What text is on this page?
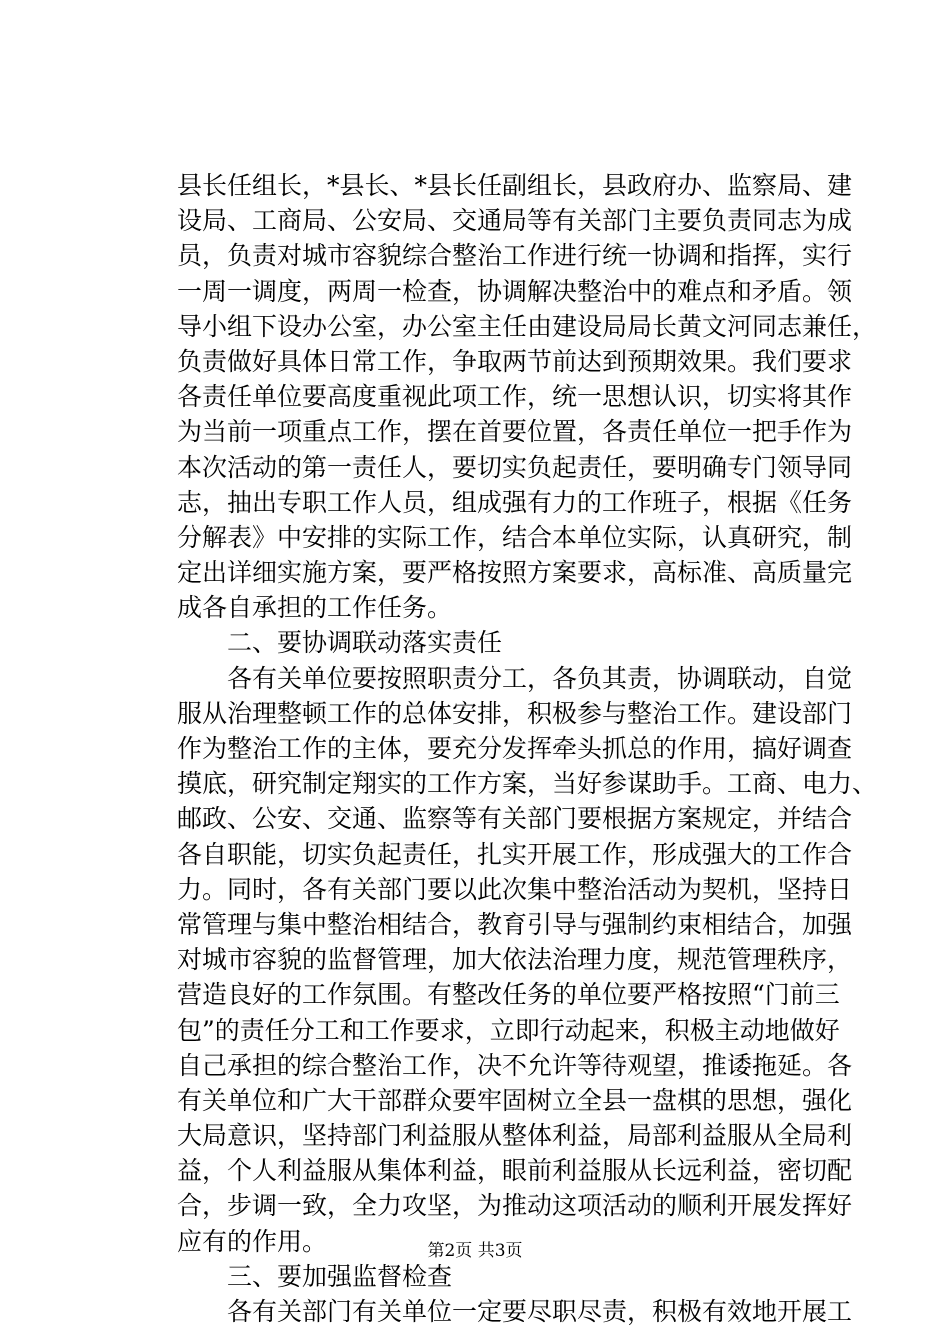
县长任组长，*县长、*县长任副组长，县政府办、监察局、建
设局、工商局、公安局、交通局等有关部门主要负责同志为成
员，负责对城市容貌综合整治工作进行统一协调和指挥，实行
一周一调度，两周一检查，协调解决整治中的难点和矛盾。领
导小组下设办公室，办公室主任由建设局局长黄文河同志兼任，
负责做好具体日常工作，争取两节前达到预期效果。我们要求
各责任单位要高度重视此项工作，统一思想认识，切实将其作
为当前一项重点工作，摆在首要位置，各责任单位一把手作为
本次活动的第一责任人，要切实负起责任，要明确专门领导同
志，抽出专职工作人员，组成强有力的工作班子，根据《任务
分解表》中安排的实际工作，结合本单位实际，认真研究，制
定出详细实施方案，要严格按照方案要求，高标准、高质量完
成各自承担的工作任务。
　　二、要协调联动落实责任
　　各有关单位要按照职责分工，各负其责，协调联动，自觉
服从治理整顿工作的总体安排，积极参与整治工作。建设部门
作为整治工作的主体，要充分发挥牵头抓总的作用，搞好调查
摸底，研究制定翔实的工作方案，当好参谋助手。工商、电力、
邮政、公安、交通、监察等有关部门要根据方案规定，并结合
各自职能，切实负起责任，扎实开展工作，形成强大的工作合
力。同时，各有关部门要以此次集中整治活动为契机，坚持日
常管理与集中整治相结合，教育引导与强制约束相结合，加强
对城市容貌的监督管理，加大依法治理力度，规范管理秩序，
营造良好的工作氛围。有整改任务的单位要严格按照“门前三
包”的责任分工和工作要求，立即行动起来，积极主动地做好
自己承担的综合整治工作，决不允许等待观望，推诿拖延。各
有关单位和广大干部群众要牢固树立全县一盘棋的思想，强化
大局意识，坚持部门利益服从整体利益，局部利益服从全局利
益，个人利益服从集体利益，眼前利益服从长远利益，密切配
合，步调一致，全力攻坚，为推动这项活动的顺利开展发挥好
应有的作用。
　　三、要加强监督检查
　　各有关部门有关单位一定要尽职尽责，积极有效地开展工
第2页 共3页
